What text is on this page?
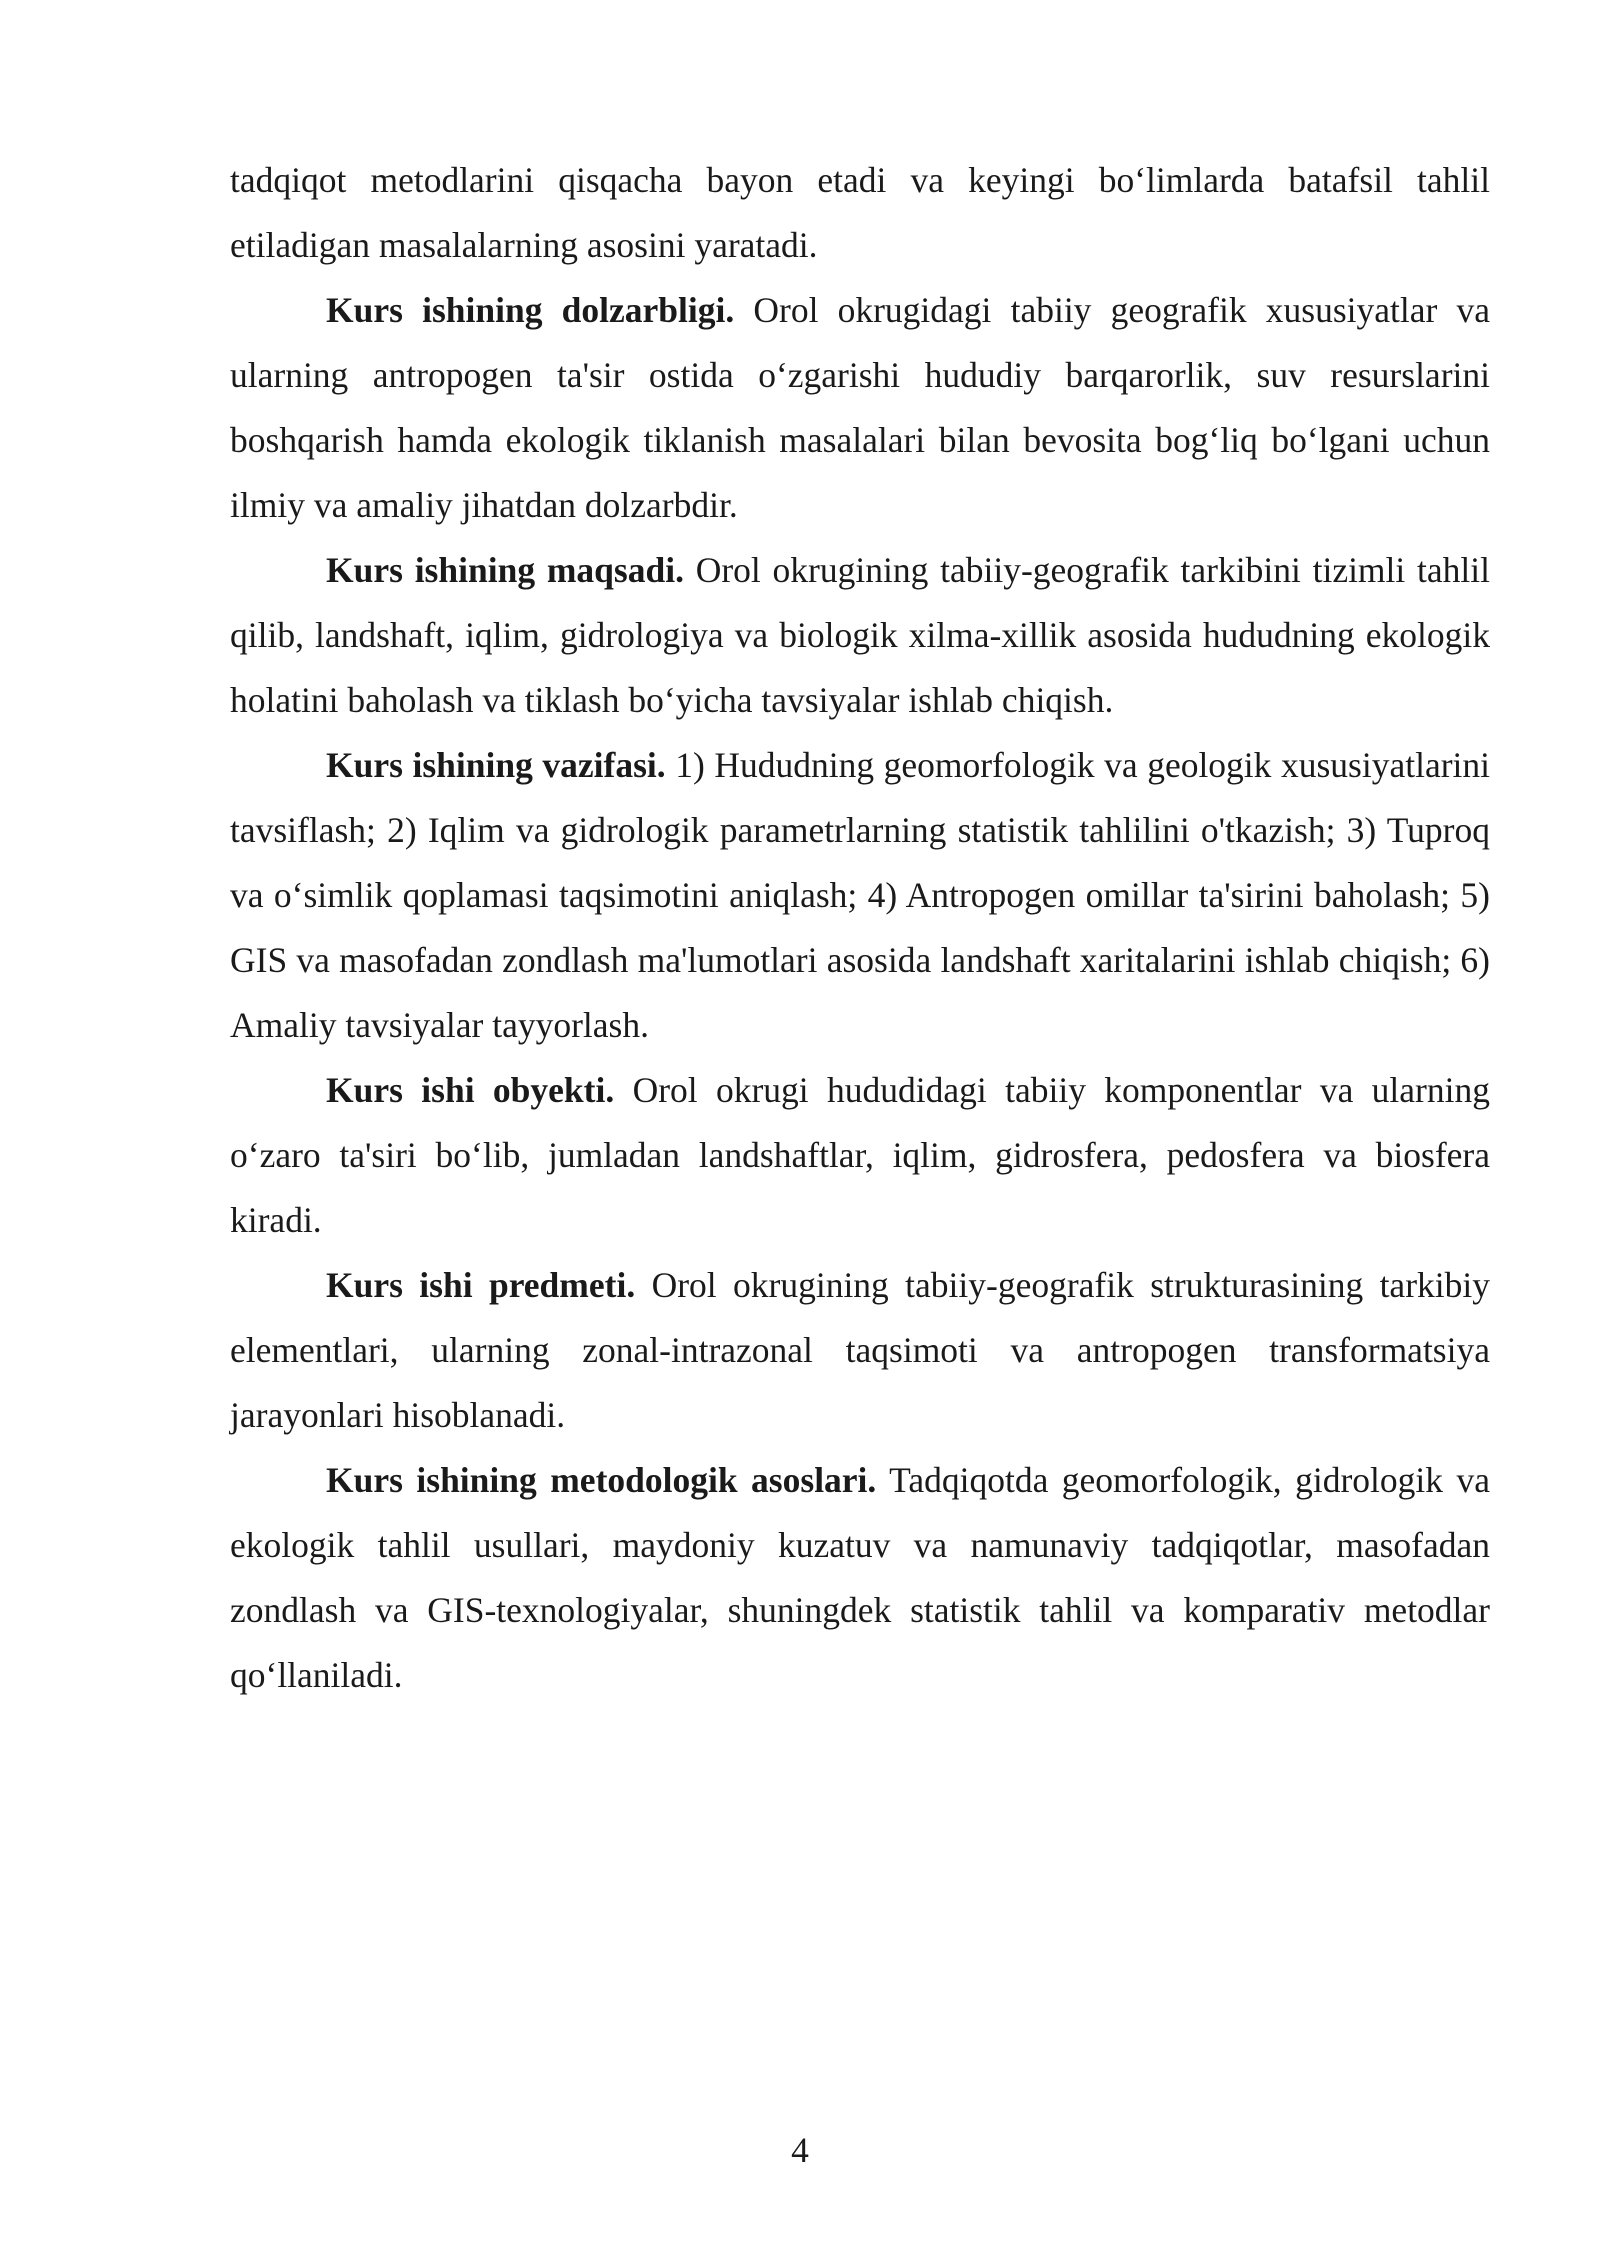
tadqiqot metodlarini qisqacha bayon etadi va keyingi bo‘limlarda batafsil tahlil etiladigan masalalarning asosini yaratadi.

Kurs ishining dolzarbligi. Orol okrugidagi tabiiy geografik xususiyatlar va ularning antropogen ta'sir ostida o‘zgarishi hududiy barqarorlik, suv resurslarini boshqarish hamda ekologik tiklanish masalalari bilan bevosita bog‘liq bo‘lgani uchun ilmiy va amaliy jihatdan dolzarbdir.

Kurs ishining maqsadi. Orol okrugining tabiiy-geografik tarkibini tizimli tahlil qilib, landshaft, iqlim, gidrologiya va biologik xilma-xillik asosida hududning ekologik holatini baholash va tiklash bo‘yicha tavsiyalar ishlab chiqish.

Kurs ishining vazifasi. 1) Hududning geomorfologik va geologik xususiyatlarini tavsiflash; 2) Iqlim va gidrologik parametrlarning statistik tahlilini o'tkazish; 3) Tuproq va o‘simlik qoplamasi taqsimotini aniqlash; 4) Antropogen omillar ta'sirini baholash; 5) GIS va masofadan zondlash ma'lumotlari asosida landshaft xaritalarini ishlab chiqish; 6) Amaliy tavsiyalar tayyorlash.

Kurs ishi obyekti. Orol okrugi hududidagi tabiiy komponentlar va ularning o‘zaro ta'siri bo‘lib, jumladan landshaftlar, iqlim, gidrosfera, pedosfera va biosfera kiradi.

Kurs ishi predmeti. Orol okrugining tabiiy-geografik strukturasining tarkibiy elementlari, ularning zonal-intrazonal taqsimoti va antropogen transformatsiya jarayonlari hisoblanadi.

Kurs ishining metodologik asoslari. Tadqiqotda geomorfologik, gidrologik va ekologik tahlil usullari, maydoniy kuzatuv va namunaviy tadqiqotlar, masofadan zondlash va GIS-texnologiyalar, shuningdek statistik tahlil va komparativ metodlar qo‘llaniladi.

4
